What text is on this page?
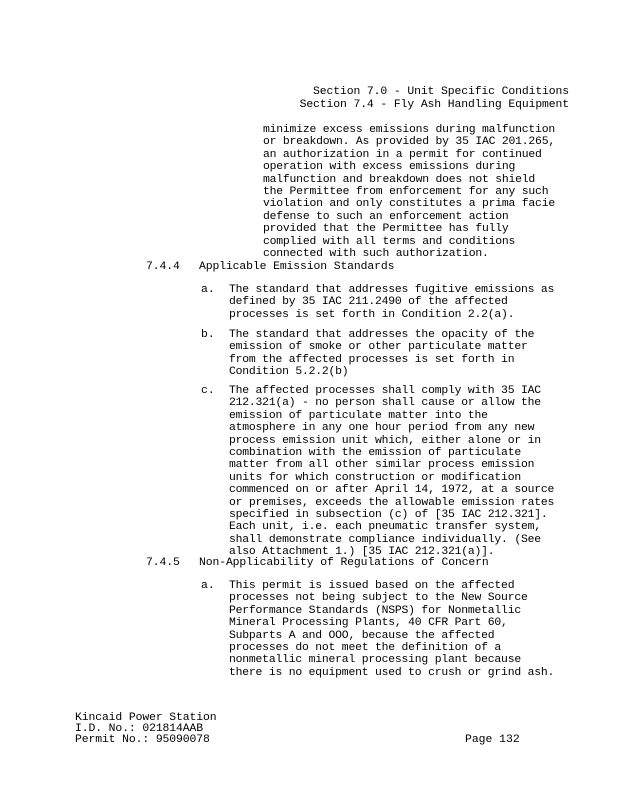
Section 7.0 - Unit Specific Conditions
Section 7.4 - Fly Ash Handling Equipment
minimize excess emissions during malfunction or breakdown. As provided by 35 IAC 201.265, an authorization in a permit for continued operation with excess emissions during malfunction and breakdown does not shield the Permittee from enforcement for any such violation and only constitutes a prima facie defense to such an enforcement action provided that the Permittee has fully complied with all terms and conditions connected with such authorization.
7.4.4 Applicable Emission Standards
a. The standard that addresses fugitive emissions as defined by 35 IAC 211.2490 of the affected processes is set forth in Condition 2.2(a).
b. The standard that addresses the opacity of the emission of smoke or other particulate matter from the affected processes is set forth in Condition 5.2.2(b)
c. The affected processes shall comply with 35 IAC 212.321(a) - no person shall cause or allow the emission of particulate matter into the atmosphere in any one hour period from any new process emission unit which, either alone or in combination with the emission of particulate matter from all other similar process emission units for which construction or modification commenced on or after April 14, 1972, at a source or premises, exceeds the allowable emission rates specified in subsection (c) of [35 IAC 212.321]. Each unit, i.e. each pneumatic transfer system, shall demonstrate compliance individually. (See also Attachment 1.) [35 IAC 212.321(a)].
7.4.5 Non-Applicability of Regulations of Concern
a. This permit is issued based on the affected processes not being subject to the New Source Performance Standards (NSPS) for Nonmetallic Mineral Processing Plants, 40 CFR Part 60, Subparts A and OOO, because the affected processes do not meet the definition of a nonmetallic mineral processing plant because there is no equipment used to crush or grind ash.
Kincaid Power Station
I.D. No.: 021814AAB
Permit No.: 95090078	Page 132
